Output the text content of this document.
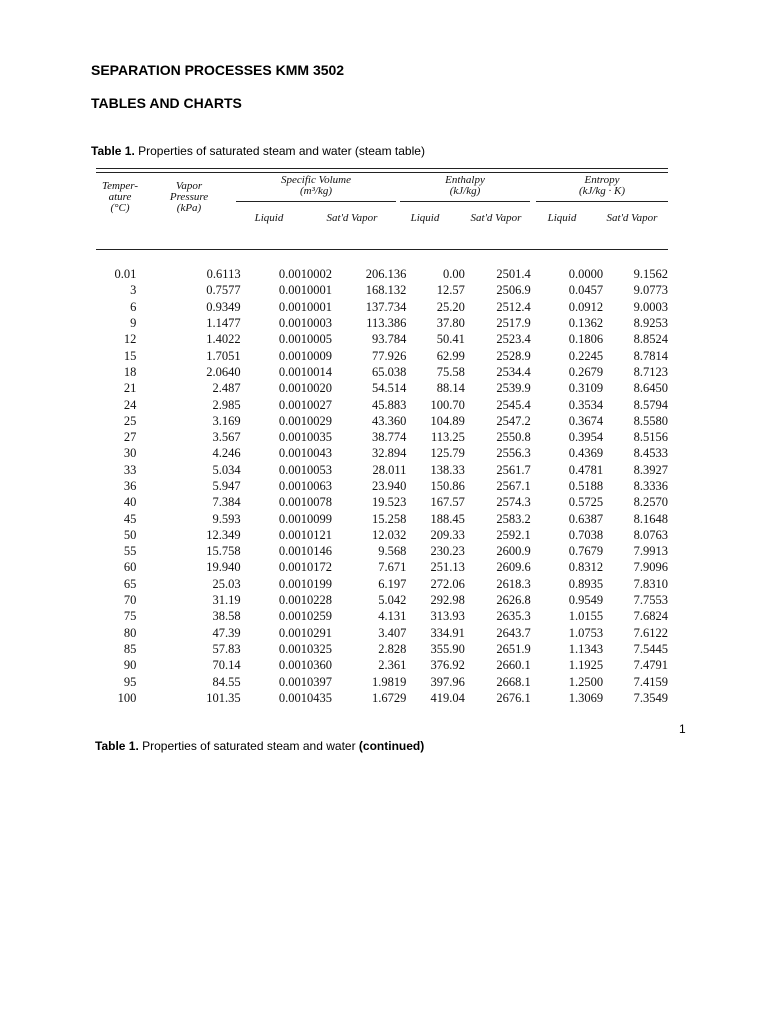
SEPARATION PROCESSES KMM 3502
TABLES AND CHARTS
Table 1. Properties of saturated steam and water (steam table)
Temper-
ature
(°C)
Vapor
Pressure
(kPa)
Specific Volume
(m³/kg)
Liquid	Sat'd Vapor
Enthalpy
(kJ/kg)
Liquid	Sat'd Vapor
Entropy
(kJ/kg · K)
Liquid	Sat'd Vapor
0.01	0.6113	0.0010002	206.136	0.00	2501.4	0.0000	9.1562
3	0.7577	0.0010001	168.132	12.57	2506.9	0.0457	9.0773
6	0.9349	0.0010001	137.734	25.20	2512.4	0.0912	9.0003
9	1.1477	0.0010003	113.386	37.80	2517.9	0.1362	8.9253
12	1.4022	0.0010005	93.784	50.41	2523.4	0.1806	8.8524
15	1.7051	0.0010009	77.926	62.99	2528.9	0.2245	8.7814
18	2.0640	0.0010014	65.038	75.58	2534.4	0.2679	8.7123
21	2.487	0.0010020	54.514	88.14	2539.9	0.3109	8.6450
24	2.985	0.0010027	45.883	100.70	2545.4	0.3534	8.5794
25	3.169	0.0010029	43.360	104.89	2547.2	0.3674	8.5580
27	3.567	0.0010035	38.774	113.25	2550.8	0.3954	8.5156
30	4.246	0.0010043	32.894	125.79	2556.3	0.4369	8.4533
33	5.034	0.0010053	28.011	138.33	2561.7	0.4781	8.3927
36	5.947	0.0010063	23.940	150.86	2567.1	0.5188	8.3336
40	7.384	0.0010078	19.523	167.57	2574.3	0.5725	8.2570
45	9.593	0.0010099	15.258	188.45	2583.2	0.6387	8.1648
50	12.349	0.0010121	12.032	209.33	2592.1	0.7038	8.0763
55	15.758	0.0010146	9.568	230.23	2600.9	0.7679	7.9913
60	19.940	0.0010172	7.671	251.13	2609.6	0.8312	7.9096
65	25.03	0.0010199	6.197	272.06	2618.3	0.8935	7.8310
70	31.19	0.0010228	5.042	292.98	2626.8	0.9549	7.7553
75	38.58	0.0010259	4.131	313.93	2635.3	1.0155	7.6824
80	47.39	0.0010291	3.407	334.91	2643.7	1.0753	7.6122
85	57.83	0.0010325	2.828	355.90	2651.9	1.1343	7.5445
90	70.14	0.0010360	2.361	376.92	2660.1	1.1925	7.4791
95	84.55	0.0010397	1.9819	397.96	2668.1	1.2500	7.4159
100	101.35	0.0010435	1.6729	419.04	2676.1	1.3069	7.3549
1
Table 1. Properties of saturated steam and water (continued)
